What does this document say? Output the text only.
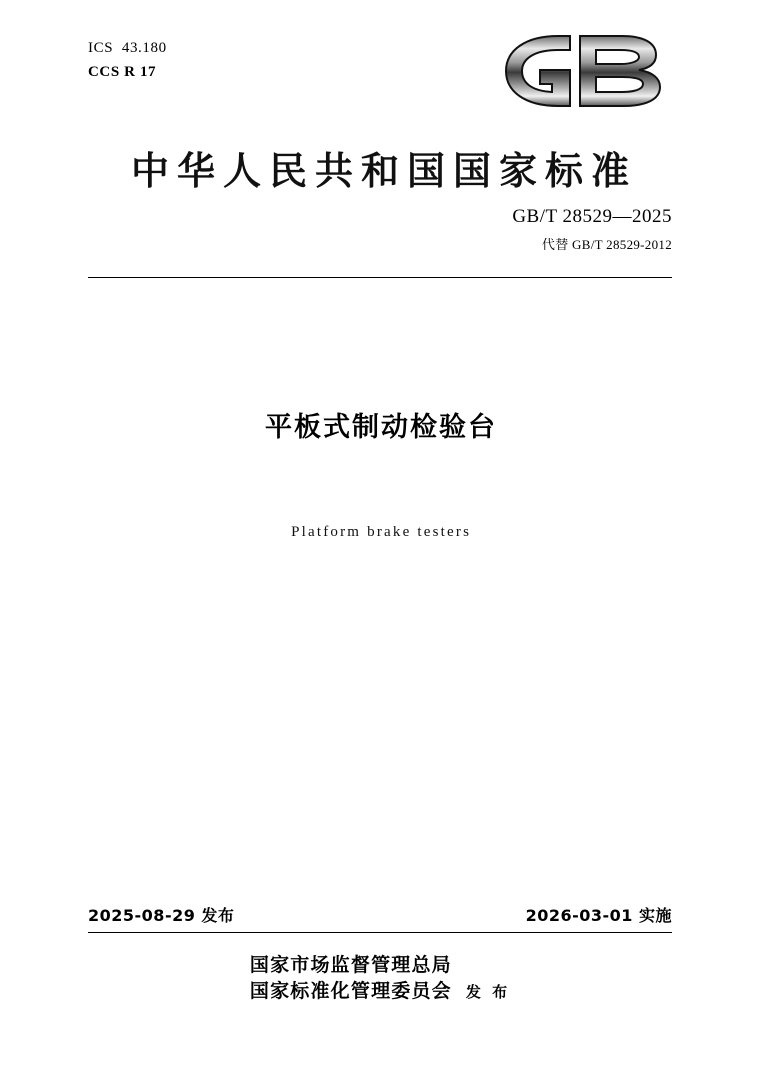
ICS  43.180
CCS R 17
中华人民共和国国家标准
GB/T 28529—2025
代替 GB/T 28529-2012
平板式制动检验台
Platform brake testers
2025-08-29 发布	2026-03-01 实施
国家市场监督管理总局
国家标准化管理委员会 发 布
